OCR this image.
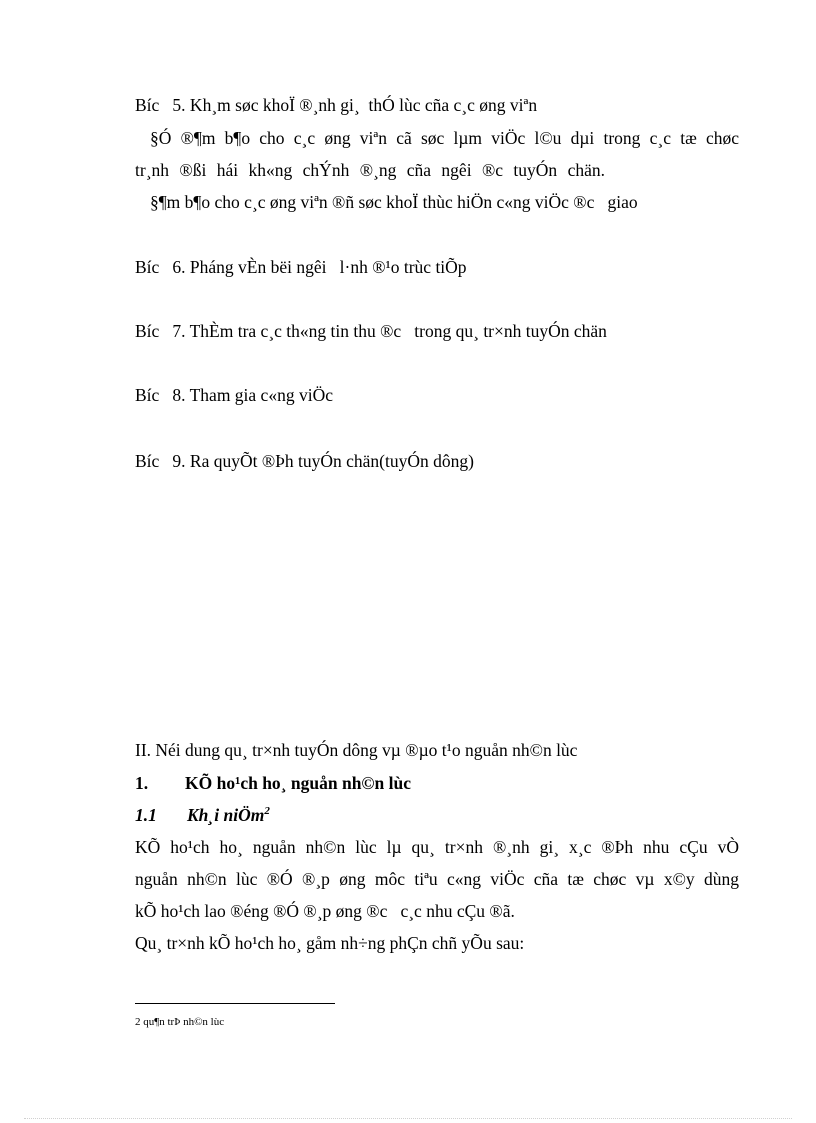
Bíc   5. Kh¸m søc khoÏ ®¸nh gi¸  thÓ lùc cña c¸c øng viªn
§Ó ®¶m b¶o cho c¸c øng viªn cã søc lµm viÖc l©u dµi trong c¸c tæ chøc
tr¸nh ®ßi hái kh«ng chÝnh ®¸ng cña ngêi ®c tuyÓn chän.
§¶m b¶o cho c¸c øng viªn ®ñ søc khoÏ thùc hiÖn c«ng viÖc ®c   giao
Bíc   6. Pháng vÈn bëi ngêi   l·nh ®¹o trùc tiÕp
Bíc   7. ThÈm tra c¸c th«ng tin thu ®c   trong qu¸ tr×nh tuyÓn chän
Bíc   8. Tham gia c«ng viÖc
Bíc   9. Ra quyÕt ®Þh tuyÓn chän(tuyÓn dông)
II. Néi dung qu¸ tr×nh tuyÓn dông vµ ®µo t¹o nguån nh©n lùc
1. KÕ ho¹ch ho¸ nguån nh©n lùc
1.1 Kh¸i niÖm$^2$
KÕ ho¹ch ho¸ nguån nh©n lùc lµ qu¸ tr×nh ®¸nh gi¸ x¸c ®Þh nhu cÇu vÒ
nguån nh©n lùc ®Ó ®¸p øng môc tiªu c«ng viÖc cña tæ chøc vµ x©y dùng
kÕ ho¹ch lao ®éng ®Ó ®¸p øng ®c   c¸c nhu cÇu ®ã.
Qu¸ tr×nh kÕ ho¹ch ho¸ gåm nh÷ng phÇn chñ yÕu sau:
2 qu¶n trÞ nh©n lùc
